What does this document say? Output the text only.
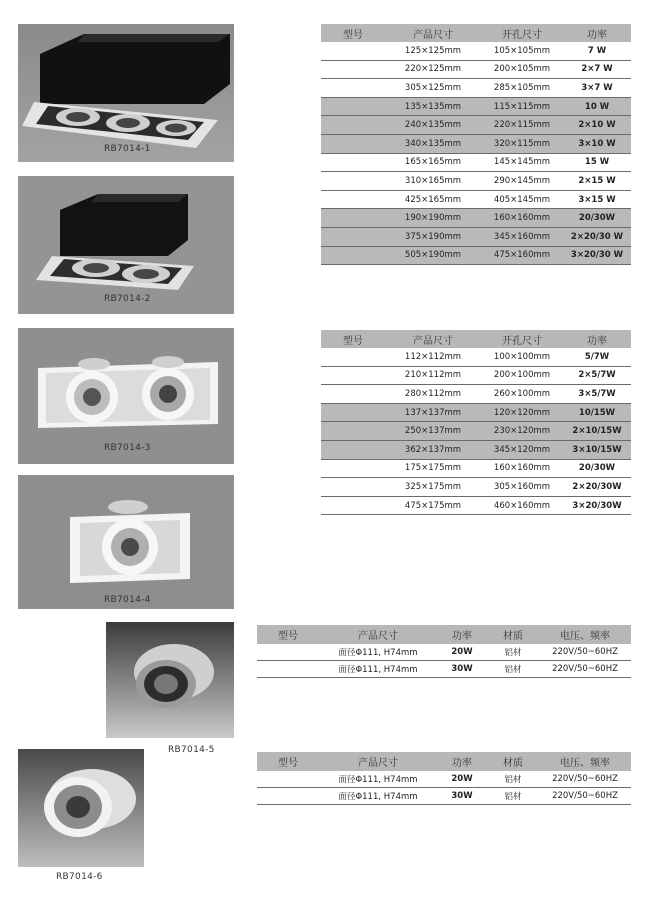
RB7014-1
RB7014-2
RB7014-3
RB7014-4
RB7014-5
RB7014-6
型号	产品尺寸	开孔尺寸	功率
	125×125mm	105×105mm	7 W
	220×125mm	200×105mm	2×7 W
	305×125mm	285×105mm	3×7 W
	135×135mm	115×115mm	10 W
	240×135mm	220×115mm	2×10 W
	340×135mm	320×115mm	3×10 W
	165×165mm	145×145mm	15 W
	310×165mm	290×145mm	2×15 W
	425×165mm	405×145mm	3×15 W
	190×190mm	160×160mm	20/30W
	375×190mm	345×160mm	2×20/30 W
	505×190mm	475×160mm	3×20/30 W
型号	产品尺寸	开孔尺寸	功率
	112×112mm	100×100mm	5/7W
	210×112mm	200×100mm	2×5/7W
	280×112mm	260×100mm	3×5/7W
	137×137mm	120×120mm	10/15W
	250×137mm	230×120mm	2×10/15W
	362×137mm	345×120mm	3×10/15W
	175×175mm	160×160mm	20/30W
	325×175mm	305×160mm	2×20/30W
	475×175mm	460×160mm	3×20/30W
型号	产品尺寸	功率	材质	电压、频率
	面径Φ111, H74mm	20W	铝材	220V/50~60HZ
	面径Φ111, H74mm	30W	铝材	220V/50~60HZ
型号	产品尺寸	功率	材质	电压、频率
	面径Φ111, H74mm	20W	铝材	220V/50~60HZ
	面径Φ111, H74mm	30W	铝材	220V/50~60HZ
